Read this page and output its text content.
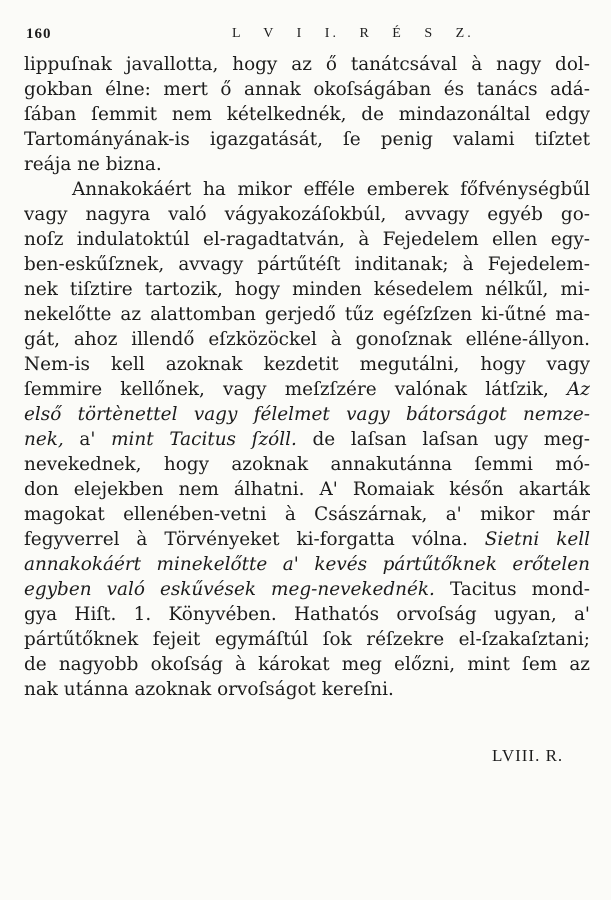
160	L V I I. R É S Z.
lippuſnak javallotta, hogy az ő tanátcsával à nagy dol-
gokban élne: mert ő annak okoſságában és tanács adá-
ſában ſemmit nem kételkednék, de mindazonáltal edgy
Tartományának-is igazgatását, ſe penig valami tiſztet
reája ne bizna.
Annakokáért ha mikor efféle emberek főfvénységbűl
vagy nagyra való vágyakozáſokbúl, avvagy egyéb go-
noſz indulatoktúl el-ragadtatván, à Fejedelem ellen egy-
ben-eskűſznek, avvagy pártűtéſt inditanak; à Fejedelem-
nek tiſztire tartozik, hogy minden késedelem nélkűl, mi-
nekelőtte az alattomban gerjedő tűz egéſzſzen ki-űtné ma-
gát, ahoz illendő eſzközöckel à gonoſznak elléne-állyon.
Nem-is kell azoknak kezdetit megutálni, hogy vagy
ſemmire kellőnek, vagy meſzſzére valónak látſzik, Az
első törtènettel vagy félelmet vagy bátorságot nemze-
nek, a' mint Tacitus ſzóll. de laſsan laſsan ugy meg-
nevekednek, hogy azoknak annakutánna ſemmi mó-
don elejekben nem álhatni. A' Romaiak későn akarták
magokat ellenében-vetni à Császárnak, a' mikor már
fegyverrel à Törvényeket ki-forgatta vólna. Sietni kell
annakokáért minekelőtte a' kevés pártűtőknek erőtelen
egyben való eskűvések meg-nevekednék. Tacitus mond-
gya Hiſt. 1. Könyvében. Hathatós orvoſság ugyan, a'
pártűtőknek fejeit egymáſtúl ſok réſzekre el-ſzakaſztani;
de nagyobb okoſság à károkat meg előzni, mint ſem az
nak utánna azoknak orvoſságot kereſni.
LVIII. R.
